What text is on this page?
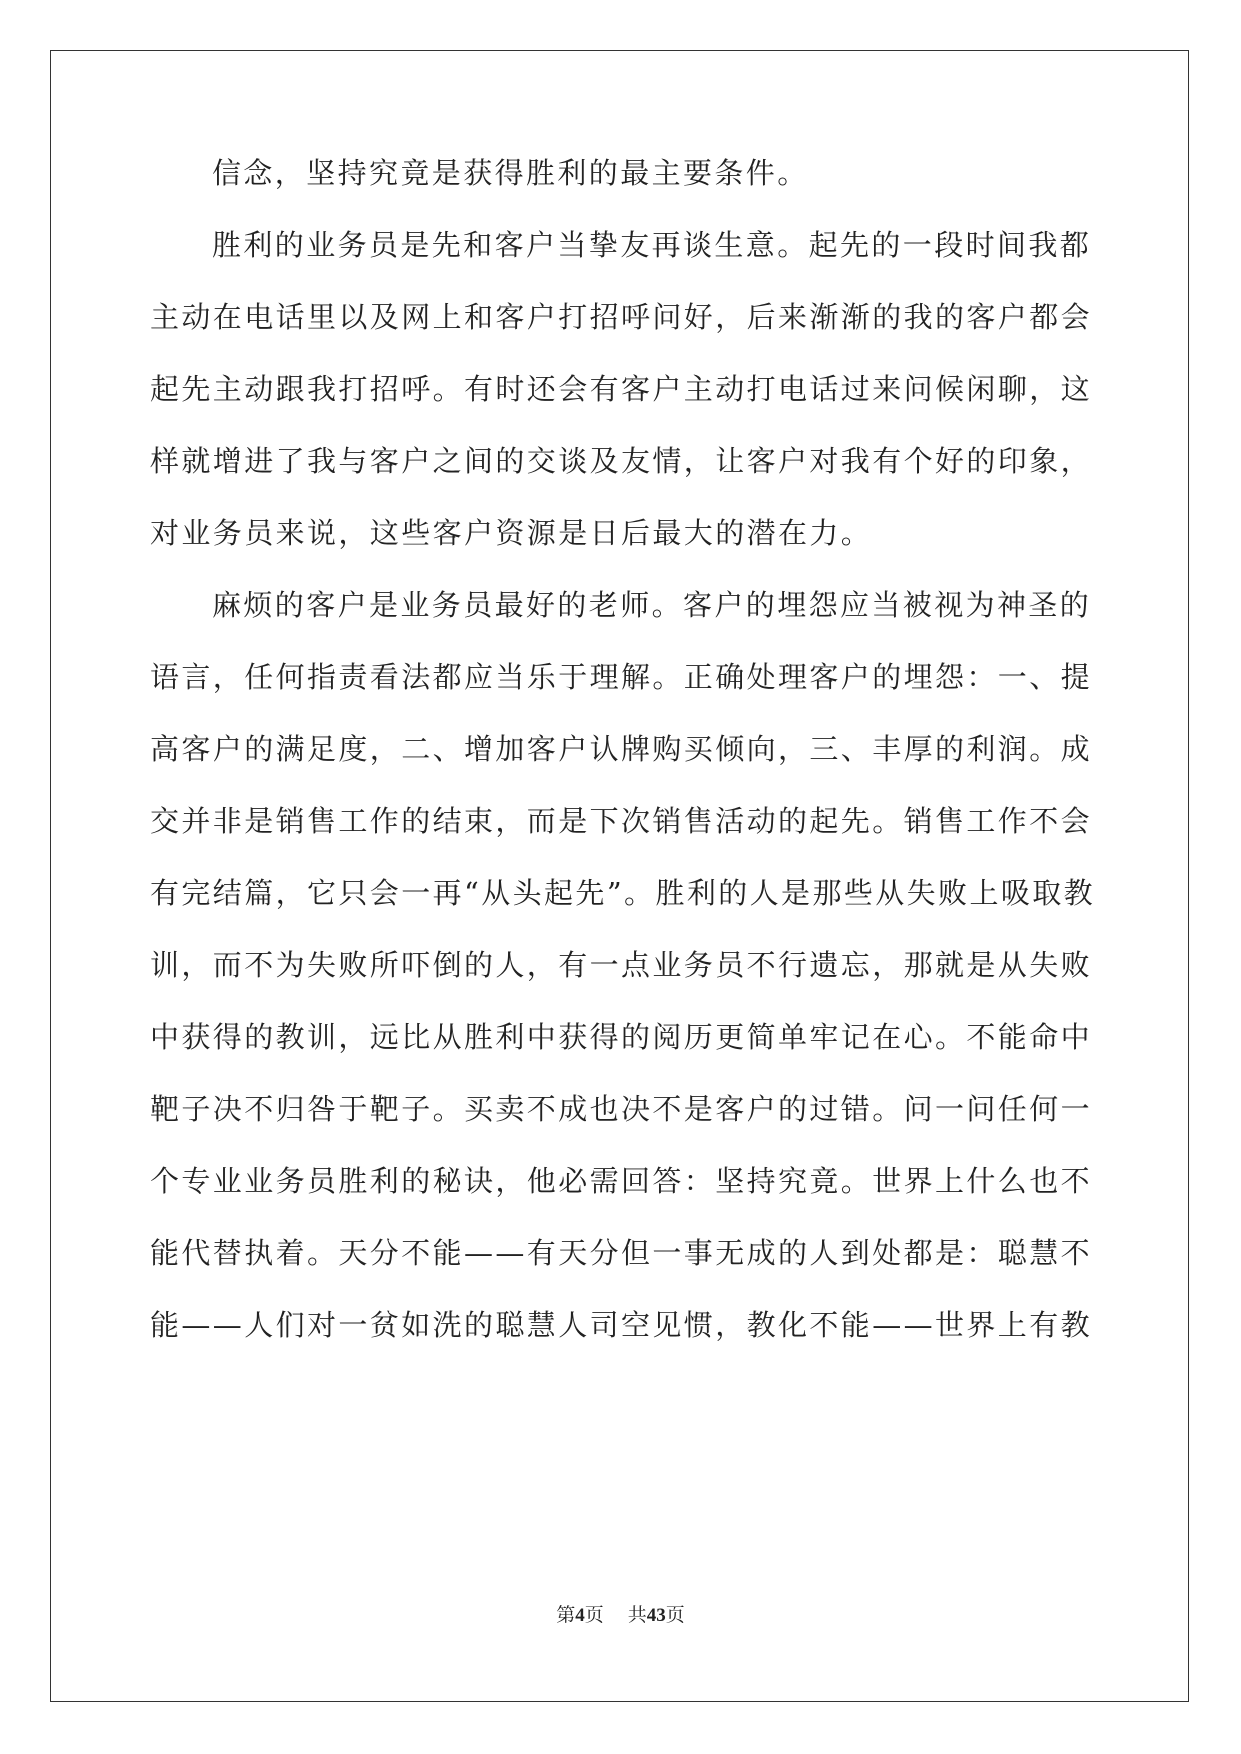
信念，坚持究竟是获得胜利的最主要条件。
胜利的业务员是先和客户当挚友再谈生意。起先的一段时间我都
主动在电话里以及网上和客户打招呼问好，后来渐渐的我的客户都会
起先主动跟我打招呼。有时还会有客户主动打电话过来问候闲聊，这
样就增进了我与客户之间的交谈及友情，让客户对我有个好的印象，
对业务员来说，这些客户资源是日后最大的潜在力。
麻烦的客户是业务员最好的老师。客户的埋怨应当被视为神圣的
语言，任何指责看法都应当乐于理解。正确处理客户的埋怨：一、提
高客户的满足度，二、增加客户认牌购买倾向，三、丰厚的利润。成
交并非是销售工作的结束，而是下次销售活动的起先。销售工作不会
有完结篇，它只会一再“从头起先”。胜利的人是那些从失败上吸取教
训，而不为失败所吓倒的人，有一点业务员不行遗忘，那就是从失败
中获得的教训，远比从胜利中获得的阅历更简单牢记在心。不能命中
靶子决不归咎于靶子。买卖不成也决不是客户的过错。问一问任何一
个专业业务员胜利的秘诀，他必需回答：坚持究竟。世界上什么也不
能代替执着。天分不能——有天分但一事无成的人到处都是：聪慧不
能——人们对一贫如洗的聪慧人司空见惯，教化不能——世界上有教
第4页 共43页
